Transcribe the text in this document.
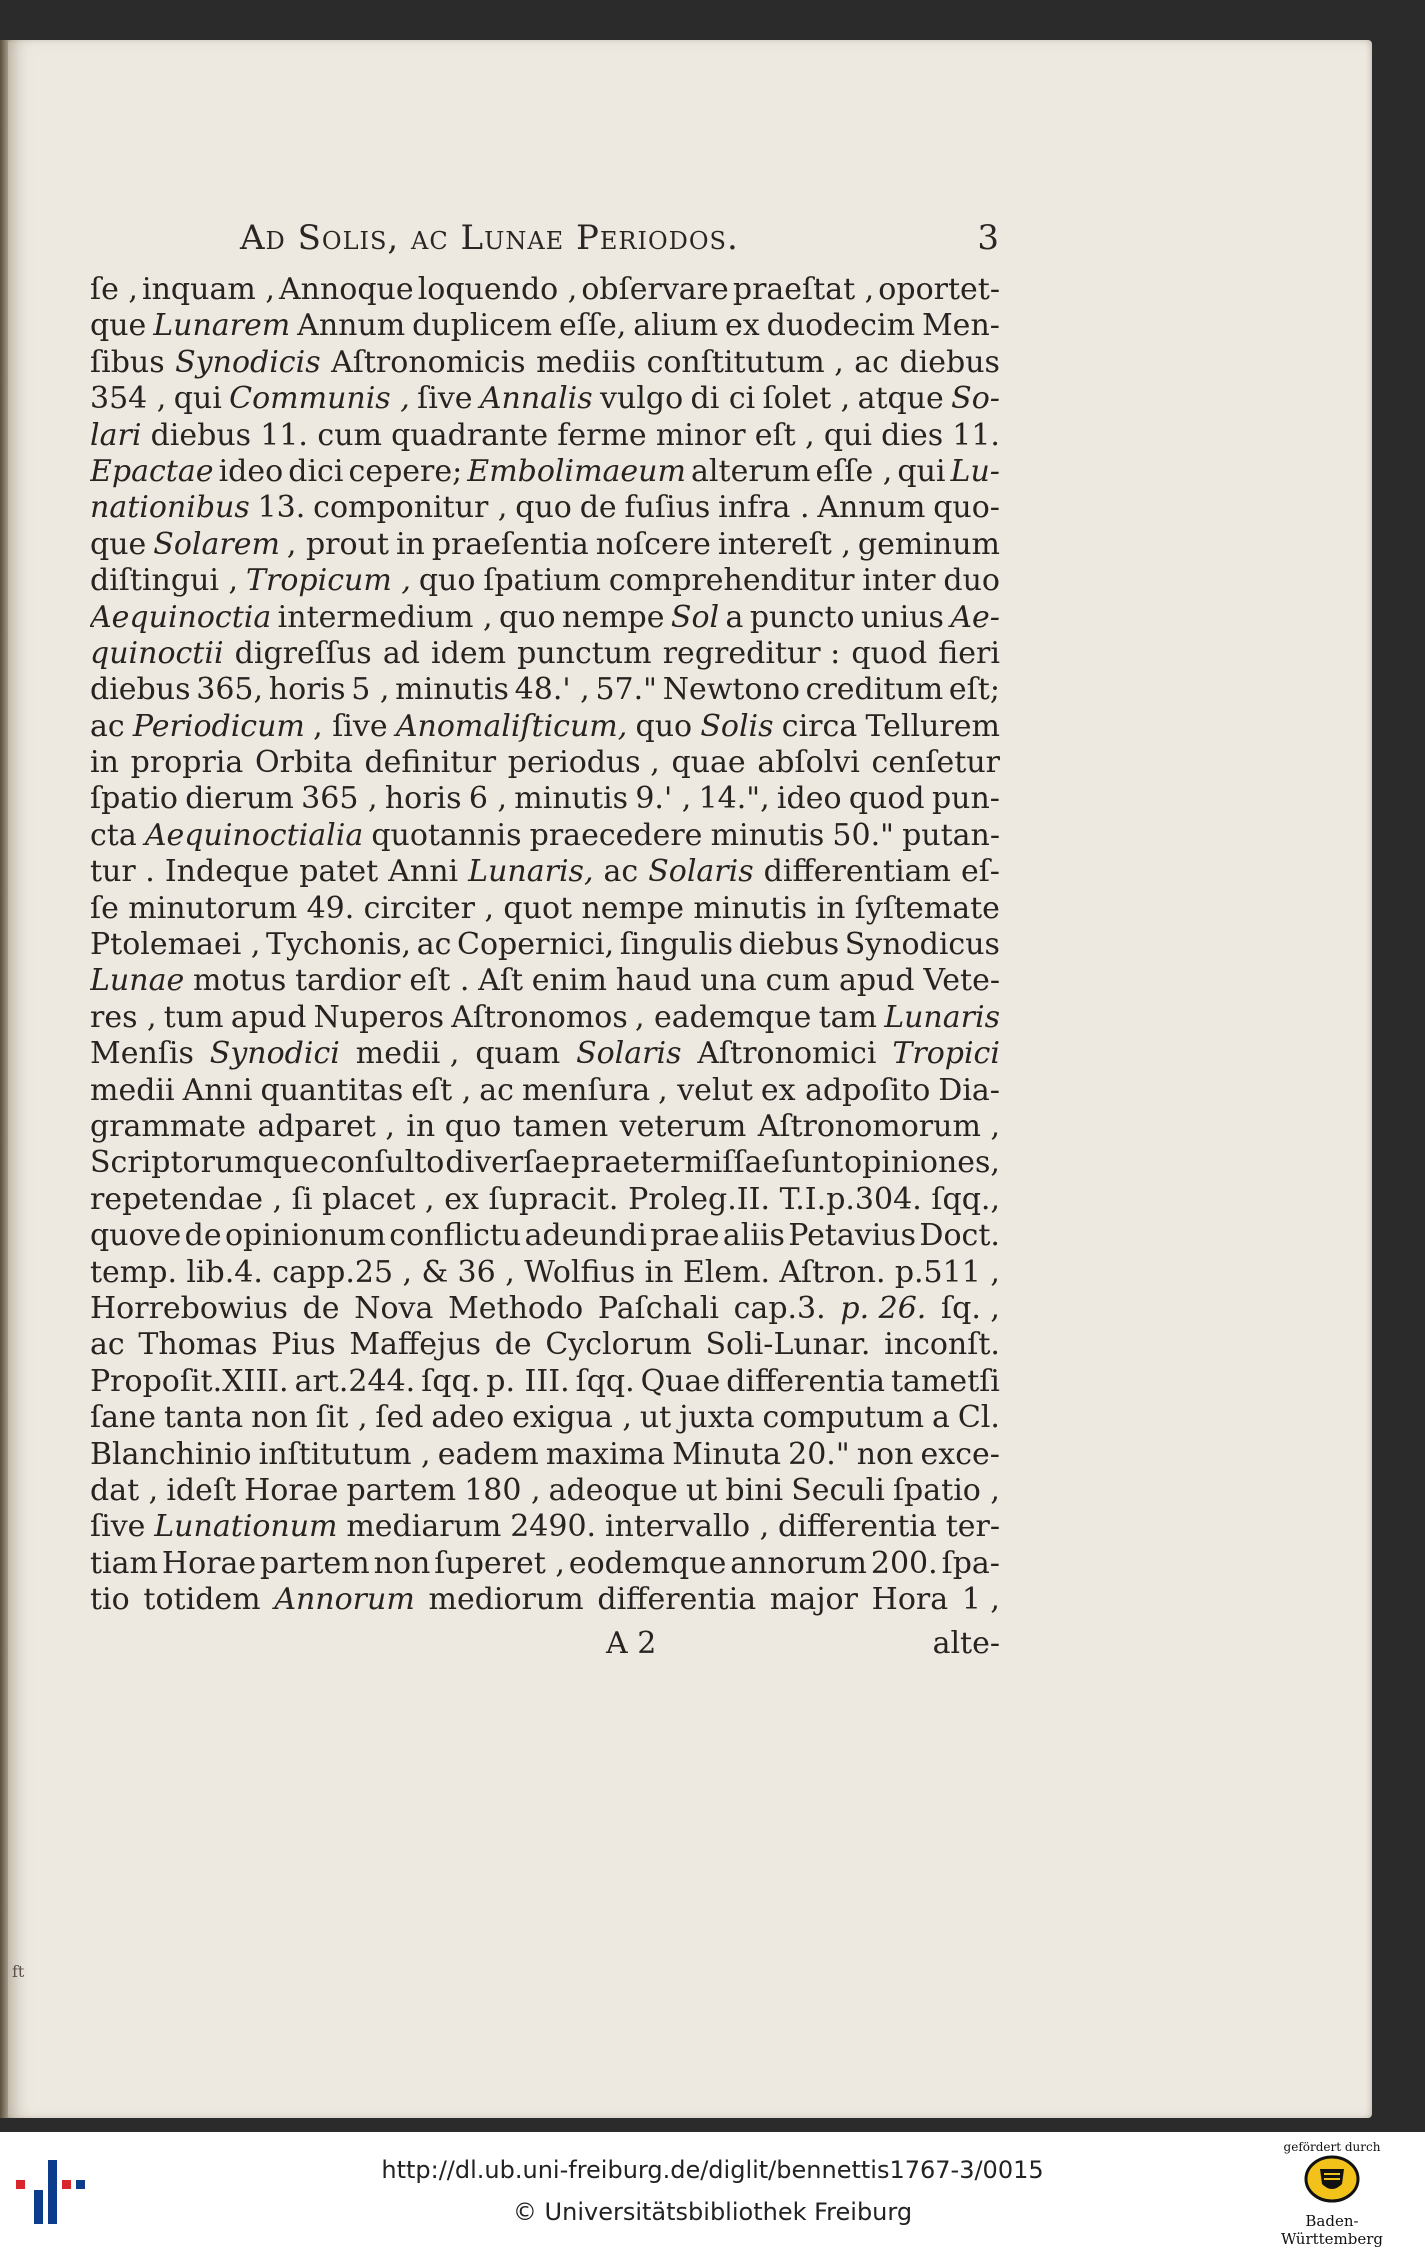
Ad Solis, ac Lunae Periodos.	3
ſe , inquam , Annoque loquendo , obſervare praeſtat , oportet-
que Lunarem Annum duplicem eſſe, alium ex duodecim Men-
ſibus Synodicis Aſtronomicis mediis conſtitutum , ac diebus
354 , qui Communis , ſive Annalis vulgo di ci ſolet , atque So-
lari diebus 11. cum quadrante ferme minor eſt , qui dies 11.
Epactae ideo dici cepere; Embolimaeum alterum eſſe , qui Lu-
nationibus 13. componitur , quo de fuſius infra . Annum quo-
que Solarem , prout in praeſentia noſcere intereſt , geminum
diſtingui , Tropicum , quo ſpatium comprehenditur inter duo
Aequinoctia intermedium , quo nempe Sol a puncto unius Ae-
quinoctii digreſſus ad idem punctum regreditur : quod fieri
diebus 365, horis 5 , minutis 48.' , 57." Newtono creditum eſt;
ac Periodicum , ſive Anomaliſticum, quo Solis circa Tellurem
in propria Orbita definitur periodus , quae abſolvi cenſetur
ſpatio dierum 365 , horis 6 , minutis 9.' , 14.", ideo quod pun-
cta Aequinoctialia quotannis praecedere minutis 50." putan-
tur . Indeque patet Anni Lunaris, ac Solaris differentiam eſ-
ſe minutorum 49. circiter , quot nempe minutis in ſyſtemate
Ptolemaei , Tychonis, ac Copernici, ſingulis diebus Synodicus
Lunae motus tardior eſt . Aſt enim haud una cum apud Vete-
res , tum apud Nuperos Aſtronomos , eademque tam Lunaris
Menſis Synodici medii , quam Solaris Aſtronomici Tropici
medii Anni quantitas eſt , ac menſura , velut ex adpoſito Dia-
grammate adparet , in quo tamen veterum Aſtronomorum ,
Scriptorumque conſulto diverſae praetermiſſae ſunt opiniones,
repetendae , ſi placet , ex ſupracit. Proleg.II. T.I.p.304. ſqq.,
quove de opinionum conflictu adeundi prae aliis Petavius Doct.
temp. lib.4. capp.25 , & 36 , Wolfius in Elem. Aſtron. p.511 ,
Horrebowius de Nova Methodo Paſchali cap.3. p. 26. ſq. ,
ac Thomas Pius Maffejus de Cyclorum Soli-Lunar. inconſt.
Propoſit.XIII. art.244. ſqq. p. III. ſqq. Quae differentia tametſi
ſane tanta non ſit , ſed adeo exigua , ut juxta computum a Cl.
Blanchinio inſtitutum , eadem maxima Minuta 20." non exce-
dat , ideſt Horae partem 180 , adeoque ut bini Seculi ſpatio ,
ſive Lunationum mediarum 2490. intervallo , differentia ter-
tiam Horae partem non ſuperet , eodemque annorum 200. ſpa-
tio totidem Annorum mediorum differentia major Hora 1 ,
A 2	alte-
ft
http://dl.ub.uni-freiburg.de/diglit/bennettis1767-3/0015
© Universitätsbibliothek Freiburg
gefördert durch
Baden-Württemberg
